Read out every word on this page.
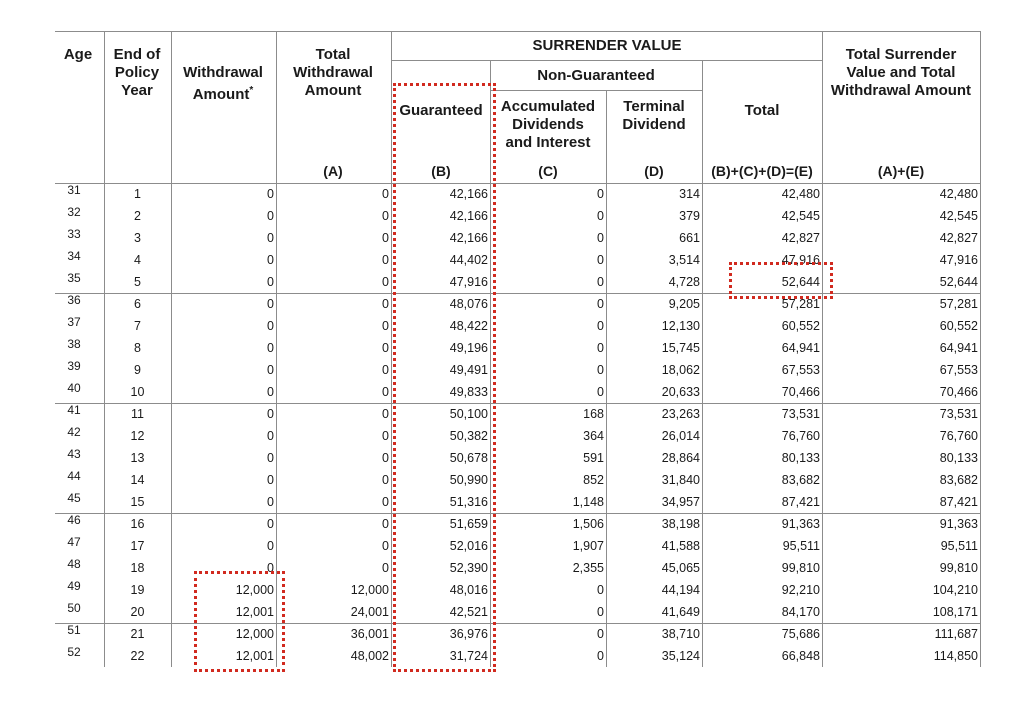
Age	End of
Policy
Year

Withdrawal
Amount*

Total
Withdrawal
Amount
SURRENDER VALUE
Non-Guaranteed
Guaranteed	Accumulated
Dividends
and Interest
Terminal
Dividend
Total
Total Surrender
Value and Total
Withdrawal Amount
(A)	(B)	(C)	(D)	(B)+(C)+(D)=(E)	(A)+(E)
31	1	0	0	42,166	0	314	42,480	42,480
32	2	0	0	42,166	0	379	42,545	42,545
33	3	0	0	42,166	0	661	42,827	42,827
34	4	0	0	44,402	0	3,514	47,916	47,916
35	5	0	0	47,916	0	4,728	52,644	52,644
36	6	0	0	48,076	0	9,205	57,281	57,281
37	7	0	0	48,422	0	12,130	60,552	60,552
38	8	0	0	49,196	0	15,745	64,941	64,941
39	9	0	0	49,491	0	18,062	67,553	67,553
40	10	0	0	49,833	0	20,633	70,466	70,466
41	11	0	0	50,100	168	23,263	73,531	73,531
42	12	0	0	50,382	364	26,014	76,760	76,760
43	13	0	0	50,678	591	28,864	80,133	80,133
44	14	0	0	50,990	852	31,840	83,682	83,682
45	15	0	0	51,316	1,148	34,957	87,421	87,421
46	16	0	0	51,659	1,506	38,198	91,363	91,363
47	17	0	0	52,016	1,907	41,588	95,511	95,511
48	18	0	0	52,390	2,355	45,065	99,810	99,810
49	19	12,000	12,000	48,016	0	44,194	92,210	104,210
50	20	12,001	24,001	42,521	0	41,649	84,170	108,171
51	21	12,000	36,001	36,976	0	38,710	75,686	111,687
52	22	12,001	48,002	31,724	0	35,124	66,848	114,850
